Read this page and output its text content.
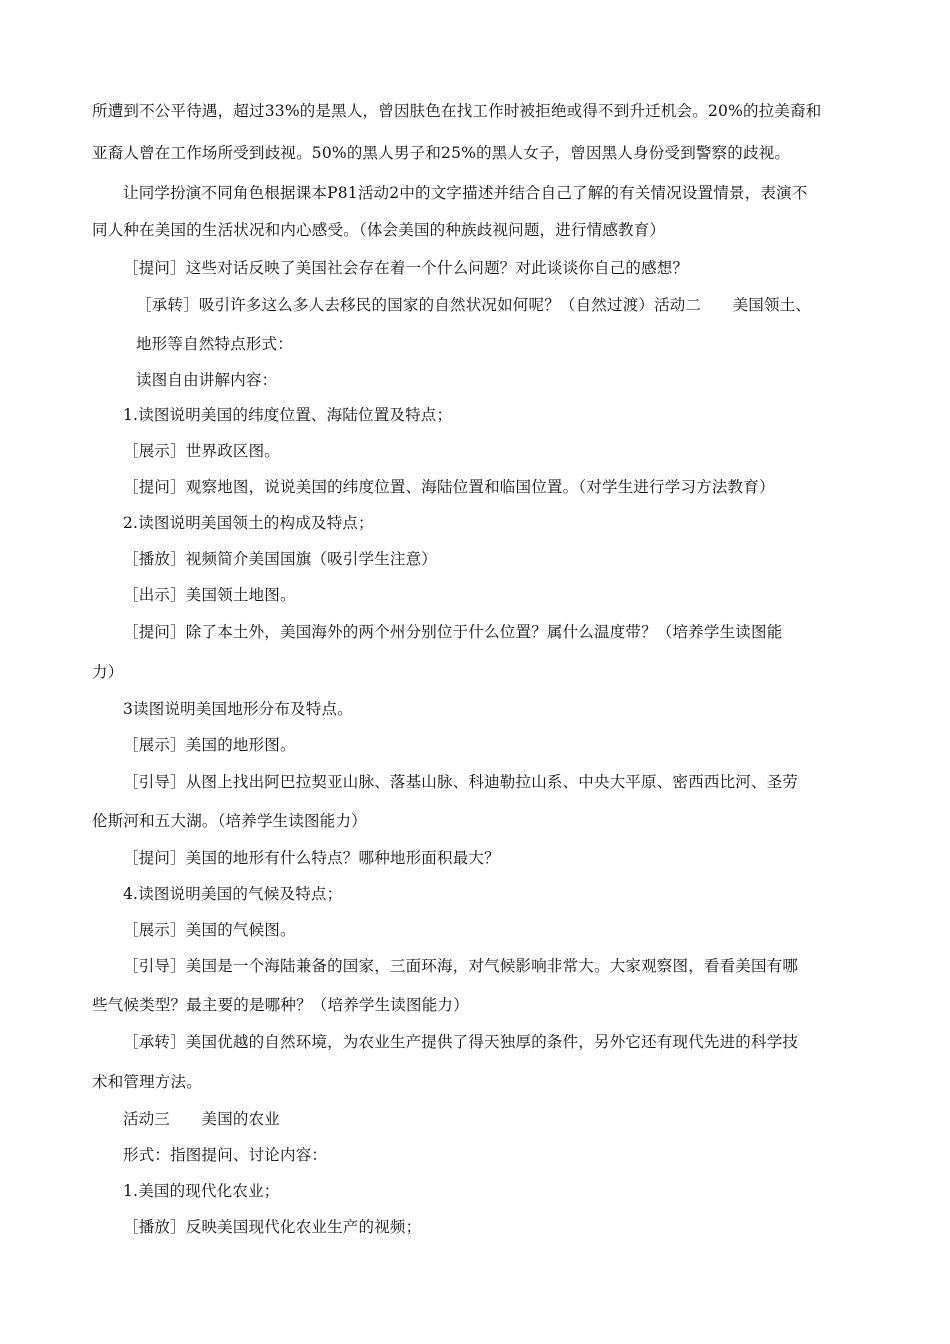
所遭到不公平待遇，超过33%的是黑人，曾因肤色在找工作时被拒绝或得不到升迁机会。20%的拉美裔和
亚裔人曾在工作场所受到歧视。50%的黑人男子和25%的黑人女子，曾因黑人身份受到警察的歧视。
让同学扮演不同角色根据课本P81活动2中的文字描述并结合自己了解的有关情况设置情景，表演不
同人种在美国的生活状况和内心感受。（体会美国的种族歧视问题，进行情感教育）
［提问］这些对话反映了美国社会存在着一个什么问题？对此谈谈你自己的感想？
［承转］吸引许多这么多人去移民的国家的自然状况如何呢？（自然过渡）活动二　　美国领土、
地形等自然特点形式：
读图自由讲解内容：
1.读图说明美国的纬度位置、海陆位置及特点；
［展示］世界政区图。
［提问］观察地图，说说美国的纬度位置、海陆位置和临国位置。（对学生进行学习方法教育）
2.读图说明美国领土的构成及特点；
［播放］视频简介美国国旗（吸引学生注意）
［出示］美国领土地图。
［提问］除了本土外，美国海外的两个州分别位于什么位置？属什么温度带？（培养学生读图能
力）
3读图说明美国地形分布及特点。
［展示］美国的地形图。
［引导］从图上找出阿巴拉契亚山脉、落基山脉、科迪勒拉山系、中央大平原、密西西比河、圣劳
伦斯河和五大湖。（培养学生读图能力）
［提问］美国的地形有什么特点？哪种地形面积最大？
4.读图说明美国的气候及特点；
［展示］美国的气候图。
［引导］美国是一个海陆兼备的国家，三面环海，对气候影响非常大。大家观察图，看看美国有哪
些气候类型？最主要的是哪种？（培养学生读图能力）
［承转］美国优越的自然环境，为农业生产提供了得天独厚的条件，另外它还有现代先进的科学技
术和管理方法。
活动三　　美国的农业
形式：指图提问、讨论内容：
1.美国的现代化农业；
［播放］反映美国现代化农业生产的视频；
